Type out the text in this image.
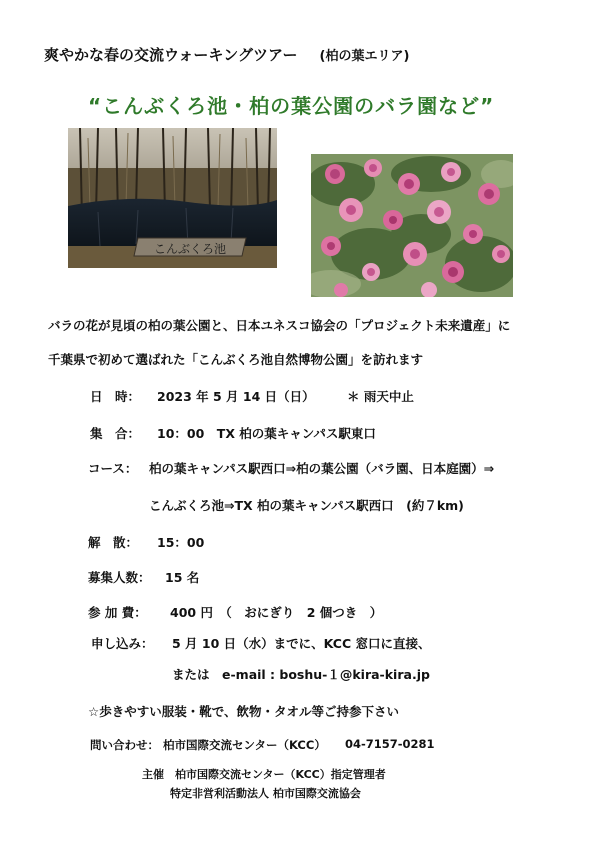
爽やかな春の交流ウォーキングツアー (柏の葉エリア)
“こんぶくろ池・柏の葉公園のバラ園など”
こんぶくろ池
バラの花が見頃の柏の葉公園と、日本ユネスコ協会の「プロジェクト未来遺産」に
千葉県で初めて選ばれた「こんぶくろ池自然博物公園」を訪れます
日　時： 2023 年 5 月 14 日（日）	＊ 雨天中止
集　合： 10：00　TX 柏の葉キャンパス駅東口
コース： 柏の葉キャンパス駅西口⇒柏の葉公園（バラ園、日本庭園）⇒
こんぶくろ池⇒TX 柏の葉キャンパス駅西口　(約７km)
解　散： 15：00
募集人数： 15 名
参 加 費： 400 円　（　おにぎり　2 個つき　）
申し込み： 5 月 10 日（水）までに、KCC 窓口に直接、
または　e-mail : boshu-１@kira-kira.jp
☆歩きやすい服装・靴で、飲物・タオル等ご持参下さい
問い合わせ： 柏市国際交流センター（KCC） 04-7157-0281
主催　柏市国際交流センター（KCC）指定管理者
特定非営利活動法人 柏市国際交流協会
